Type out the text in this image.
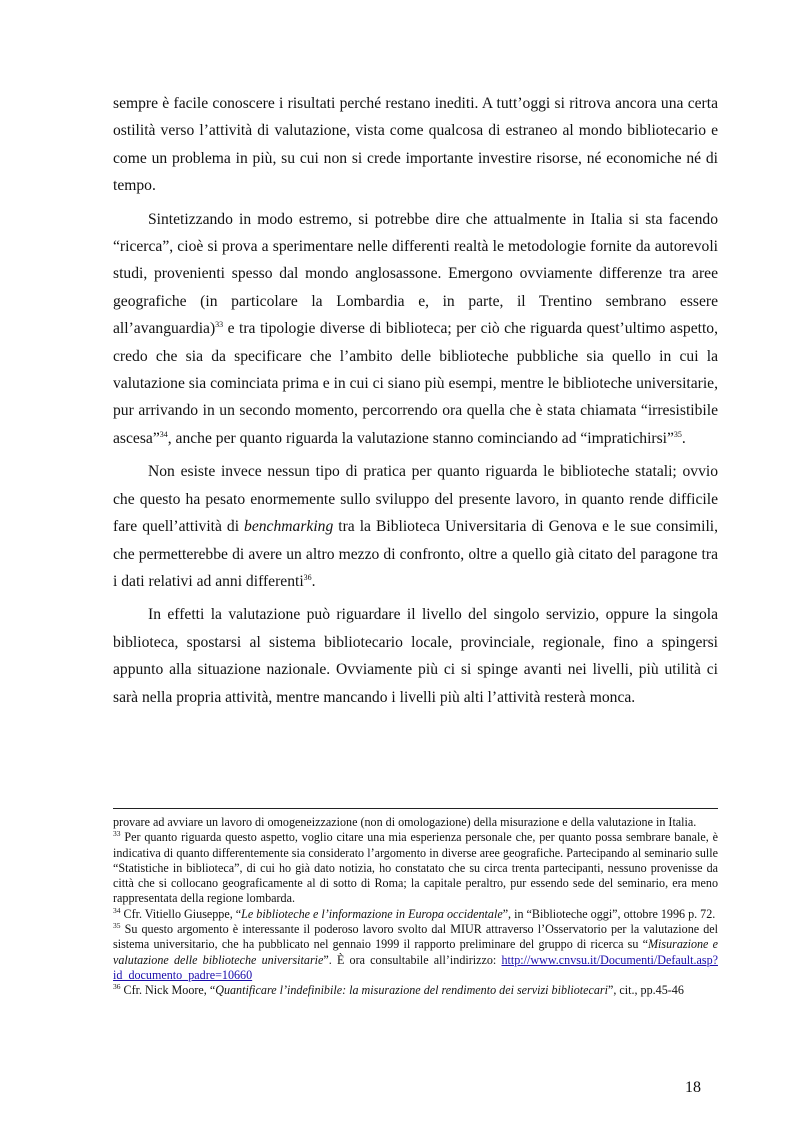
sempre è facile conoscere i risultati perché restano inediti. A tutt’oggi si ritrova ancora una certa ostilità verso l’attività di valutazione, vista come qualcosa di estraneo al mondo bibliotecario e come un problema in più, su cui non si crede importante investire risorse, né economiche né di tempo.

Sintetizzando in modo estremo, si potrebbe dire che attualmente in Italia si sta facendo “ricerca”, cioè si prova a sperimentare nelle differenti realtà le metodologie fornite da autorevoli studi, provenienti spesso dal mondo anglosassone. Emergono ovviamente differenze tra aree geografiche (in particolare la Lombardia e, in parte, il Trentino sembrano essere all’avanguardia)$^{33}$ e tra tipologie diverse di biblioteca; per ciò che riguarda quest’ultimo aspetto, credo che sia da specificare che l’ambito delle biblioteche pubbliche sia quello in cui la valutazione sia cominciata prima e in cui ci siano più esempi, mentre le biblioteche universitarie, pur arrivando in un secondo momento, percorrendo ora quella che è stata chiamata “irresistibile ascesa”$^{34}$, anche per quanto riguarda la valutazione stanno cominciando ad “impratichirsi”$^{35}$.

Non esiste invece nessun tipo di pratica per quanto riguarda le biblioteche statali; ovvio che questo ha pesato enormemente sullo sviluppo del presente lavoro, in quanto rende difficile fare quell’attività di benchmarking tra la Biblioteca Universitaria di Genova e le sue consimili, che permetterebbe di avere un altro mezzo di confronto, oltre a quello già citato del paragone tra i dati relativi ad anni differenti$^{36}$.

In effetti la valutazione può riguardare il livello del singolo servizio, oppure la singola biblioteca, spostarsi al sistema bibliotecario locale, provinciale, regionale, fino a spingersi appunto alla situazione nazionale. Ovviamente più ci si spinge avanti nei livelli, più utilità ci sarà nella propria attività, mentre mancando i livelli più alti l’attività resterà monca.

provare ad avviare un lavoro di omogeneizzazione (non di omologazione) della misurazione e della valutazione in Italia.

$^{33}$ Per quanto riguarda questo aspetto, voglio citare una mia esperienza personale che, per quanto possa sembrare banale, è indicativa di quanto differentemente sia considerato l’argomento in diverse aree geografiche. Partecipando al seminario sulle “Statistiche in biblioteca”, di cui ho già dato notizia, ho constatato che su circa trenta partecipanti, nessuno provenisse da città che si collocano geograficamente al di sotto di Roma; la capitale peraltro, pur essendo sede del seminario, era meno rappresentata della regione lombarda.

$^{34}$ Cfr. Vitiello Giuseppe, “Le biblioteche e l’informazione in Europa occidentale”, in “Biblioteche oggi”, ottobre 1996 p. 72.

$^{35}$ Su questo argomento è interessante il poderoso lavoro svolto dal MIUR attraverso l’Osservatorio per la valutazione del sistema universitario, che ha pubblicato nel gennaio 1999 il rapporto preliminare del gruppo di ricerca su “Misurazione e valutazione delle biblioteche universitarie”. È ora consultabile all’indirizzo: http://www.cnvsu.it/Documenti/Default.asp?id_documento_padre=10660

$^{36}$ Cfr. Nick Moore, “Quantificare l’indefinibile: la misurazione del rendimento dei servizi bibliotecari”, cit., pp.45-46

18
